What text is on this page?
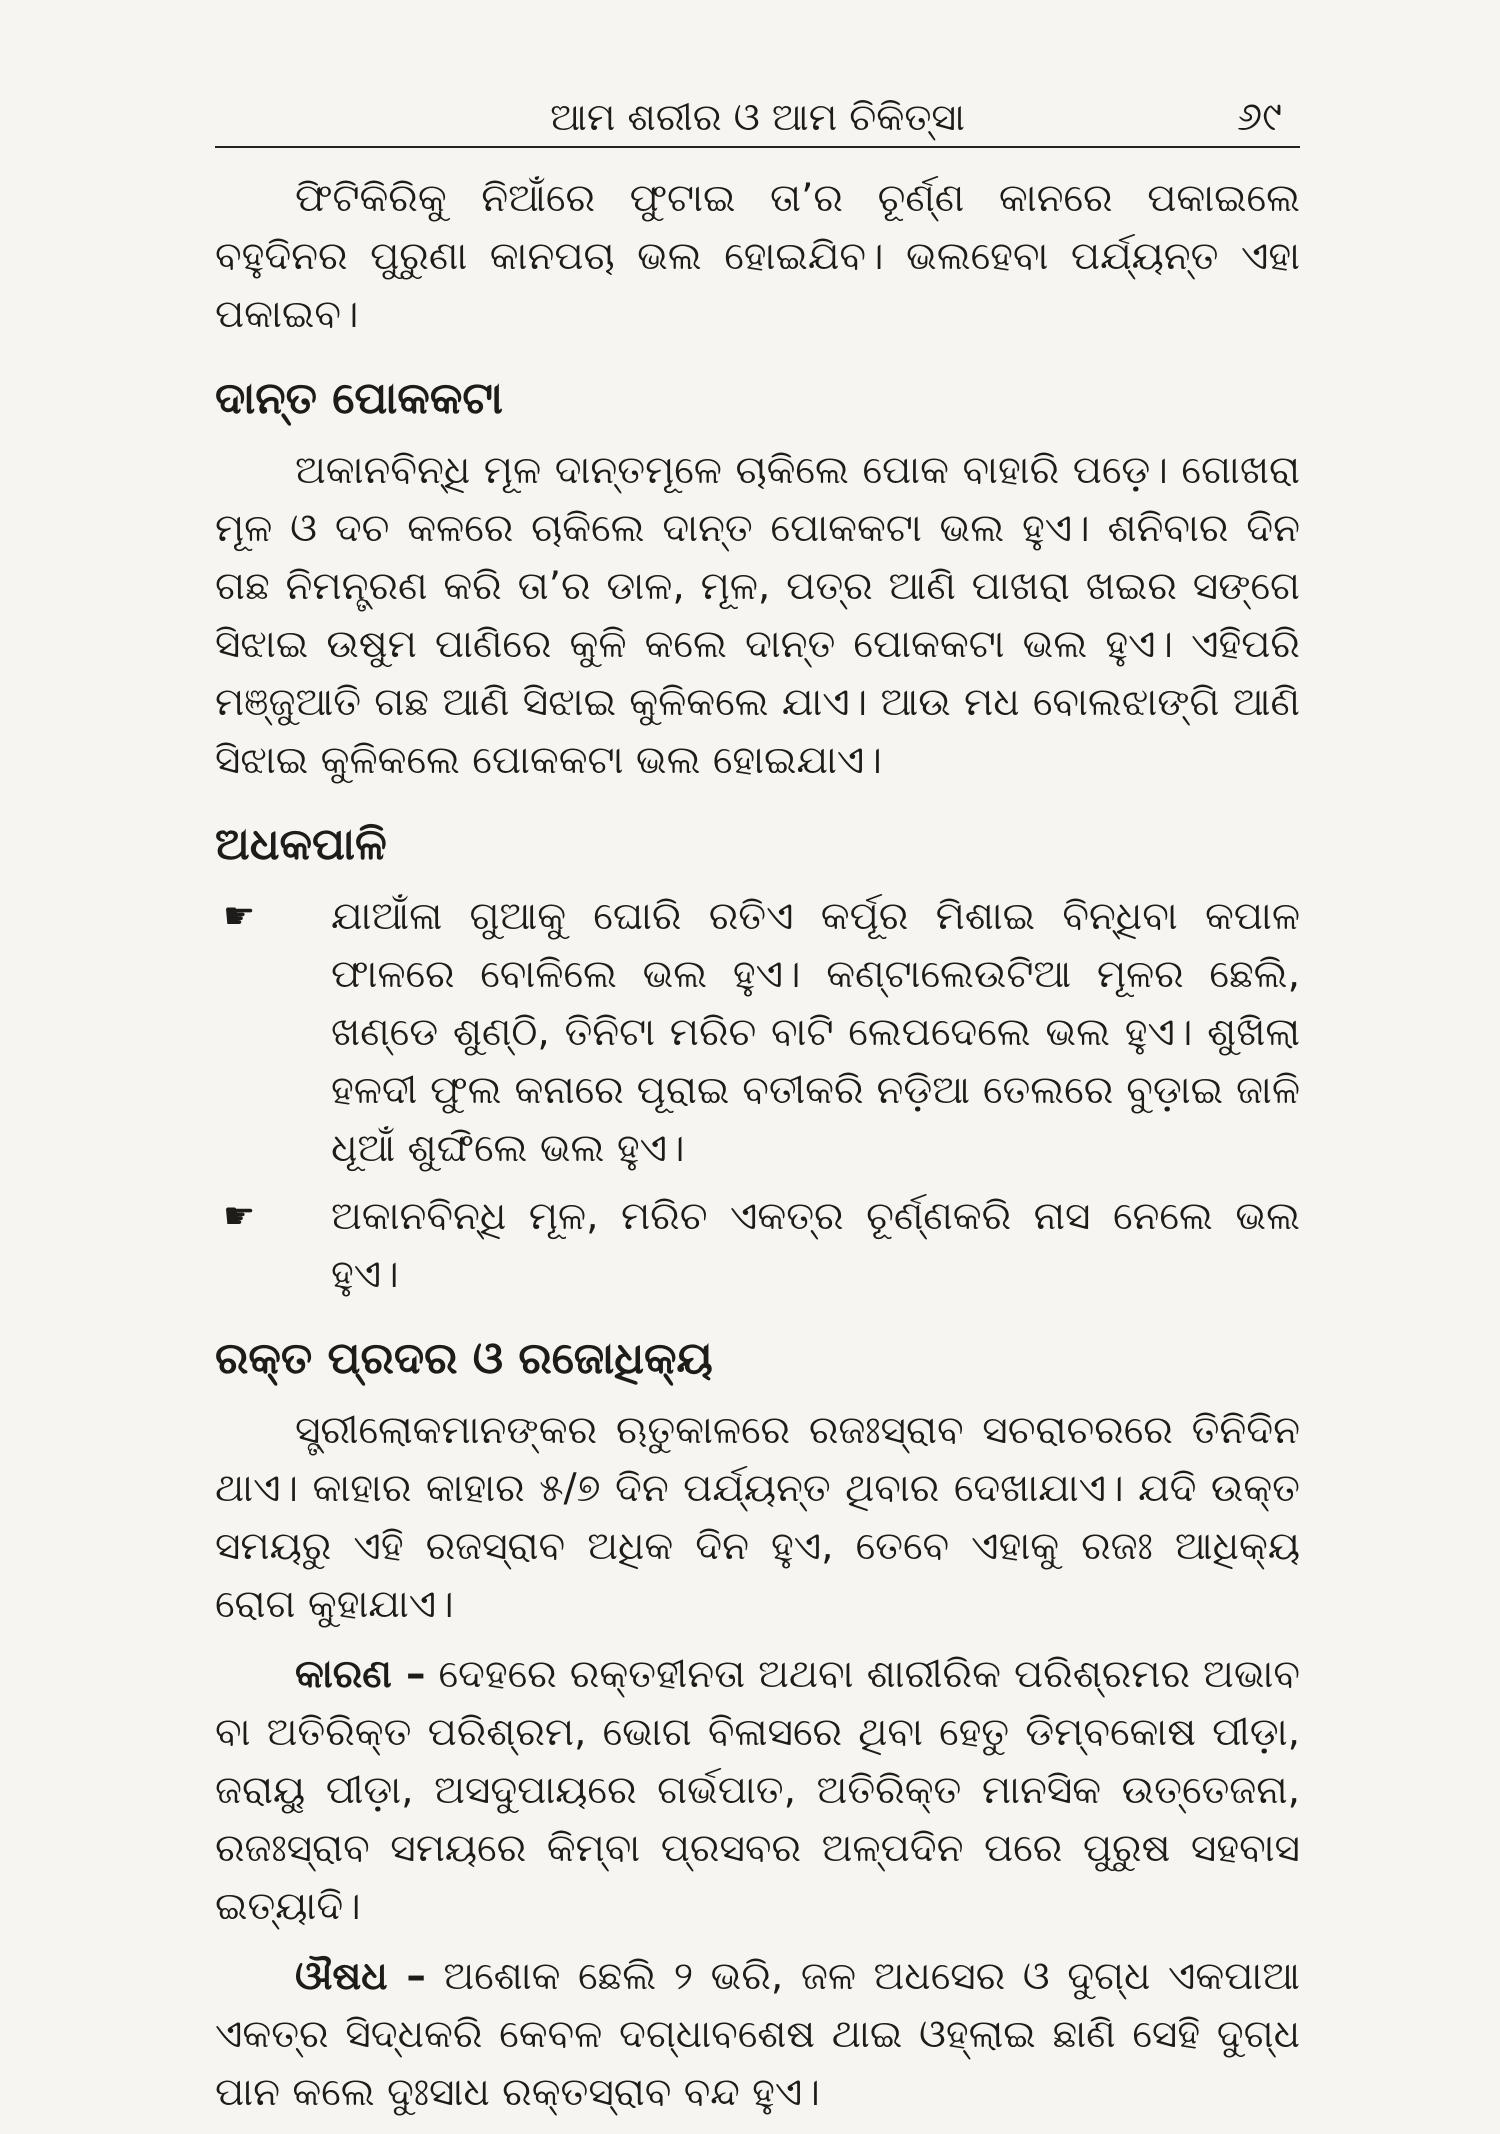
ଆମ ଶରୀର ଓ ଆମ ଚିକିତ୍ସା	୬୯

ଫିଟିକିରିକୁ ନିଆଁରେ ଫୁଟାଇ ତା’ର ଚୂର୍ଣ୍ଣ କାନରେ ପକାଇଲେ ବହୁଦିନର ପୁରୁଣା କାନପଚା ଭଲ ହୋଇଯିବ। ଭଲହେବା ପର୍ଯ୍ୟନ୍ତ ଏହା ପକାଇବ।

ଦାନ୍ତ ପୋକକଟା

ଅକାନବିନ୍ଧି ମୂଳ ଦାନ୍ତମୂଳେ ଚାକିଲେ ପୋକ ବାହାରି ପଡ଼େ। ଗୋଖରା ମୂଳ ଓ ଦଚ କଳରେ ଚାକିଲେ ଦାନ୍ତ ପୋକକଟା ଭଲ ହୁଏ। ଶନିବାର ଦିନ ଗଛ ନିମନ୍ତ୍ରଣ କରି ତା’ର ଡାଳ, ମୂଳ, ପତ୍ର ଆଣି ପାଖରା ଖଇର ସଙ୍ଗେ ସିଝାଇ ଉଷୁମ ପାଣିରେ କୁଳି କଲେ ଦାନ୍ତ ପୋକକଟା ଭଲ ହୁଏ। ଏହିପରି ମଞ୍ଜୁଆତି ଗଛ ଆଣି ସିଝାଇ କୁଳିକଲେ ଯାଏ। ଆଉ ମଧ ବୋଲଝାଙ୍ଗି ଆଣି ସିଝାଇ କୁଳିକଲେ ପୋକକଟା ଭଲ ହୋଇଯାଏ।

ଅଧକପାଳି
☛	ଯାଆଁଳା ଗୁଆକୁ ଘୋରି ରତିଏ କର୍ପୂର ମିଶାଇ ବିନ୍ଧିବା କପାଳ ଫାଳରେ ବୋଳିଲେ ଭଲ ହୁଏ। କଣ୍ଟାଲେଉଟିଆ ମୂଳର ଛେଲି, ଖଣ୍ଡେ ଶୁଣ୍ଠି, ତିନିଟା ମରିଚ ବାଟି ଲେପଦେଲେ ଭଲ ହୁଏ। ଶୁଖିଲା ହଳଦୀ ଫୁଲ କନାରେ ପୂରାଇ ବତୀକରି ନଡ଼ିଆ ତେଲରେ ବୁଡ଼ାଇ ଜାଳି ଧୂଆଁ ଶୁଙ୍ଘିଲେ ଭଲ ହୁଏ।

☛	ଅକାନବିନ୍ଧି ମୂଳ, ମରିଚ ଏକତ୍ର ଚୂର୍ଣ୍ଣକରି ନାସ ନେଲେ ଭଲ ହୁଏ।

ରକ୍ତ ପ୍ରଦର ଓ ରଜୋଧିକ୍ୟ

ସ୍ତ୍ରୀଲୋକମାନଙ୍କର ଋତୁକାଳରେ ରଜଃସ୍ରାବ ସଚରାଚରରେ ତିନିଦିନ ଥାଏ। କାହାର କାହାର ୫/୭ ଦିନ ପର୍ଯ୍ୟନ୍ତ ଥିବାର ଦେଖାଯାଏ। ଯଦି ଉକ୍ତ ସମୟରୁ ଏହି ରଜସ୍ରାବ ଅଧିକ ଦିନ ହୁଏ, ତେବେ ଏହାକୁ ରଜଃ ଆଧିକ୍ୟ ରୋଗ କୁହାଯାଏ।

କାରଣ – ଦେହରେ ରକ୍ତହୀନତା ଅଥବା ଶାରୀରିକ ପରିଶ୍ରମର ଅଭାବ ବା ଅତିରିକ୍ତ ପରିଶ୍ରମ, ଭୋଗ ବିଳାସରେ ଥିବା ହେତୁ ଡିମ୍ବକୋଷ ପୀଡ଼ା, ଜରାୟୁ ପୀଡ଼ା, ଅସଦୁପାୟରେ ଗର୍ଭପାତ, ଅତିରିକ୍ତ ମାନସିକ ଉତ୍ତେଜନା, ରଜଃସ୍ରାବ ସମୟରେ କିମ୍ବା ପ୍ରସବର ଅଳ୍ପଦିନ ପରେ ପୁରୁଷ ସହବାସ ଇତ୍ୟାଦି।

ଔଷଧ – ଅଶୋକ ଛେଲି ୨ ଭରି, ଜଳ ଅଧସେର ଓ ଦୁଗ୍ଧ ଏକପାଆ ଏକତ୍ର ସିଦ୍ଧକରି କେବଳ ଦଗ୍ଧାବଶେଷ ଥାଇ ଓହ୍ଲାଇ ଛାଣି ସେହି ଦୁଗ୍ଧ ପାନ କଲେ ଦୁଃସାଧ ରକ୍ତସ୍ରାବ ବନ୍ଦ ହୁଏ।
